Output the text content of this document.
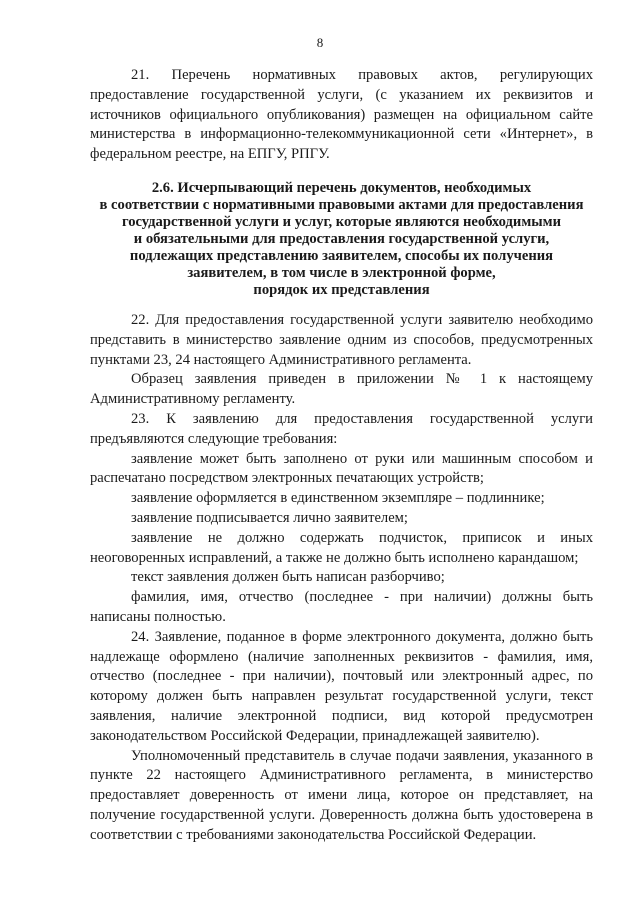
8

21. Перечень нормативных правовых актов, регулирующих предоставление государственной услуги, (с указанием их реквизитов и источников официального опубликования) размещен на официальном сайте министерства в информационно-телекоммуникационной сети «Интернет», в федеральном реестре, на ЕПГУ, РПГУ.

2.6. Исчерпывающий перечень документов, необходимых
в соответствии с нормативными правовыми актами для предоставления
государственной услуги и услуг, которые являются необходимыми
и обязательными для предоставления государственной услуги,
подлежащих представлению заявителем, способы их получения
заявителем, в том числе в электронной форме,
порядок их представления

22. Для предоставления государственной услуги заявителю необходимо представить в министерство заявление одним из способов, предусмотренных пунктами 23, 24 настоящего Административного регламента.

Образец заявления приведен в приложении № 1 к настоящему Административному регламенту.

23. К заявлению для предоставления государственной услуги предъявляются следующие требования:

заявление может быть заполнено от руки или машинным способом и распечатано посредством электронных печатающих устройств;

заявление оформляется в единственном экземпляре – подлиннике;

заявление подписывается лично заявителем;

заявление не должно содержать подчисток, приписок и иных неоговоренных исправлений, а также не должно быть исполнено карандашом;

текст заявления должен быть написан разборчиво;

фамилия, имя, отчество (последнее - при наличии) должны быть написаны полностью.

24. Заявление, поданное в форме электронного документа, должно быть надлежаще оформлено (наличие заполненных реквизитов - фамилия, имя, отчество (последнее - при наличии), почтовый или электронный адрес, по которому должен быть направлен результат государственной услуги, текст заявления, наличие электронной подписи, вид которой предусмотрен законодательством Российской Федерации, принадлежащей заявителю).

Уполномоченный представитель в случае подачи заявления, указанного в пункте 22 настоящего Административного регламента, в министерство предоставляет доверенность от имени лица, которое он представляет, на получение государственной услуги. Доверенность должна быть удостоверена в соответствии с требованиями законодательства Российской Федерации.
